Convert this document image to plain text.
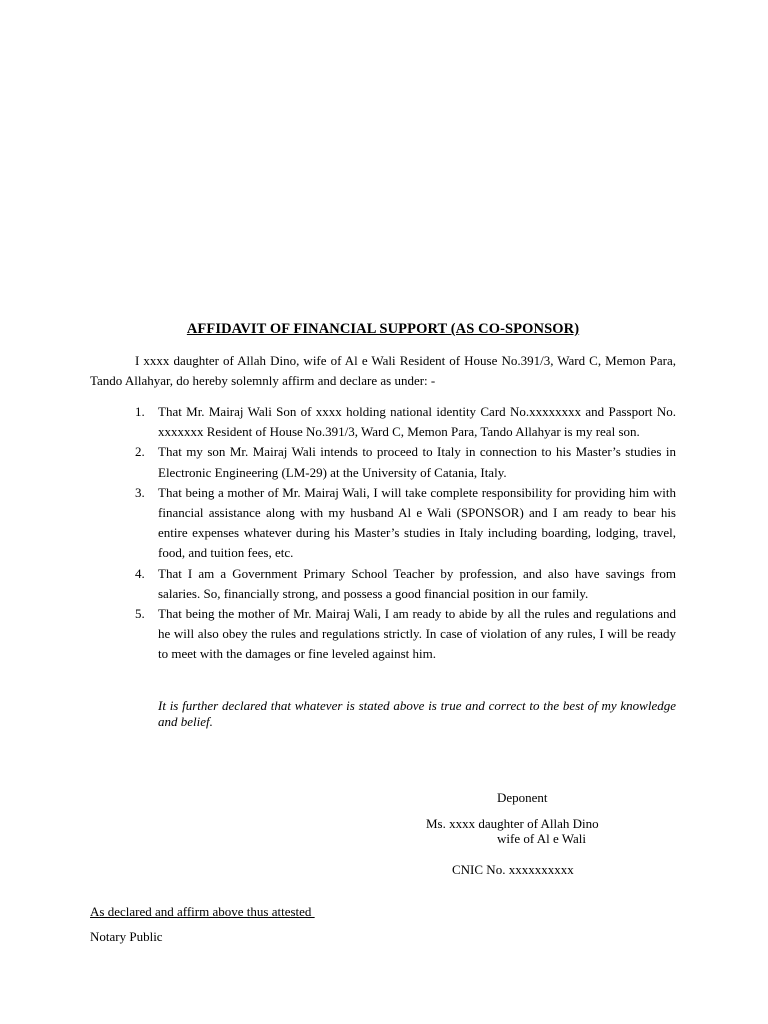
AFFIDAVIT OF FINANCIAL SUPPORT (AS CO-SPONSOR)

I xxxx daughter of Allah Dino, wife of Al e Wali Resident of House No.391/3, Ward C, Memon Para, Tando Allahyar, do hereby solemnly affirm and declare as under: -

1. That Mr. Mairaj Wali Son of xxxx holding national identity Card No.xxxxxxxx and Passport No. xxxxxxx Resident of House No.391/3, Ward C, Memon Para, Tando Allahyar is my real son.
2. That my son Mr. Mairaj Wali intends to proceed to Italy in connection to his Master’s studies in Electronic Engineering (LM-29) at the University of Catania, Italy.
3. That being a mother of Mr. Mairaj Wali, I will take complete responsibility for providing him with financial assistance along with my husband Al e Wali (SPONSOR) and I am ready to bear his entire expenses whatever during his Master’s studies in Italy including boarding, lodging, travel, food, and tuition fees, etc.
4. That I am a Government Primary School Teacher by profession, and also have savings from salaries. So, financially strong, and possess a good financial position in our family.
5. That being the mother of Mr. Mairaj Wali, I am ready to abide by all the rules and regulations and he will also obey the rules and regulations strictly. In case of violation of any rules, I will be ready to meet with the damages or fine leveled against him.

It is further declared that whatever is stated above is true and correct to the best of my knowledge and belief.

Deponent

Ms. xxxx daughter of Allah Dino

wife of Al e Wali

CNIC No. xxxxxxxxxx

As declared and affirm above thus attested

Notary Public
